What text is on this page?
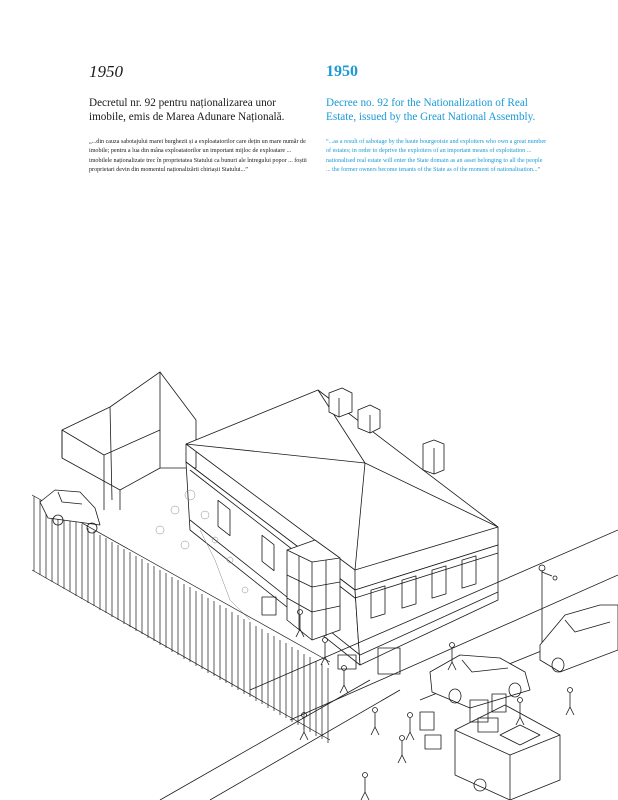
1950
Decretul nr. 92 pentru naționalizarea unor imobile, emis de Marea Adunare Națională.

„...din cauza sabotajului marei burghezii și a exploatatorilor care dețin un mare număr de imobile; pentru a lua din mâna exploatatorilor un important mijloc de exploatare ... imobilele naționalizate trec în proprietatea Statului ca bunuri ale întregului popor ... foștii proprietari devin din momentul naționalizării chiriașii Statului...”

1950
Decree no. 92 for the Nationalization of Real Estate, issued by the Great National Assembly.

“...as a result of sabotage by the haute bourgeoisie and exploiters who own a great number of estates; in order to deprive the exploiters of an important means of exploitation ... nationalised real estate will enter the State domain as an asset belonging to all the people ... the former owners become tenants of the State as of the moment of nationalisation...”
